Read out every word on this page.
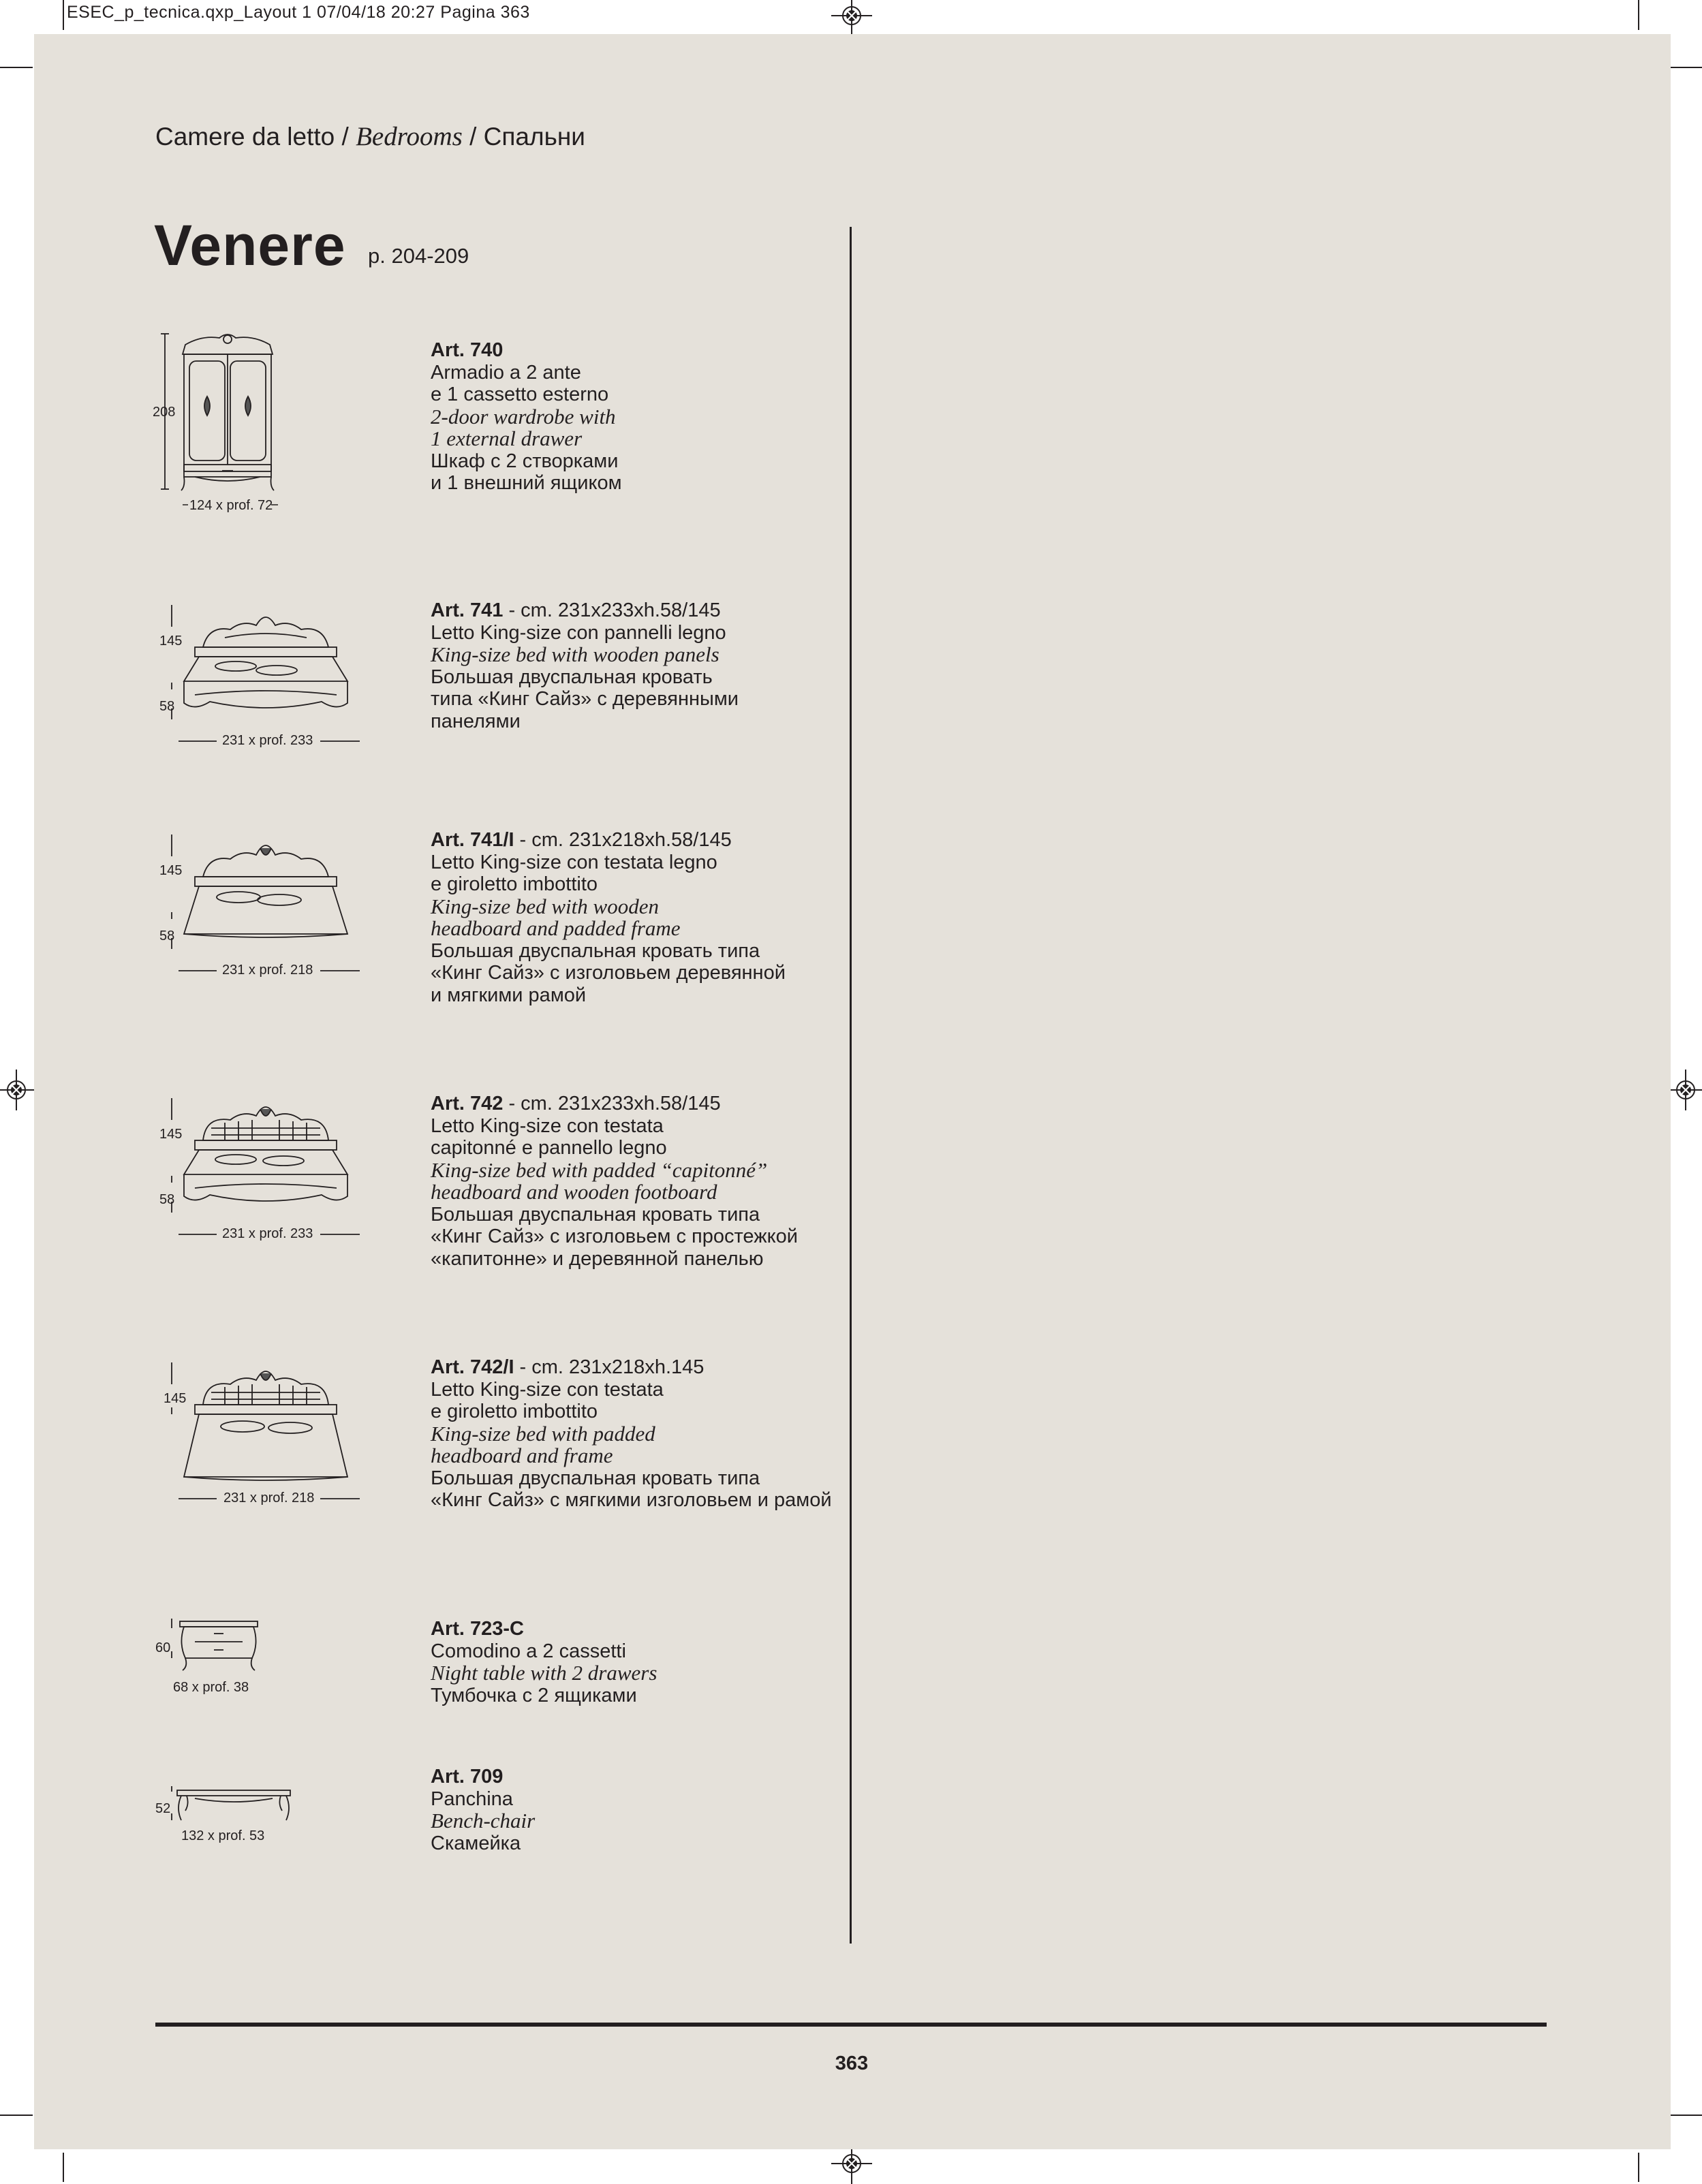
ESEC_p_tecnica.qxp_Layout 1 07/04/18 20:27 Pagina 363
Camere da letto / Bedrooms / Спальни
Venere p. 204-209
208
124 x prof. 72
Art. 740
Armadio a 2 ante
e 1 cassetto esterno
2-door wardrobe with
1 external drawer
Шкаф с 2 створками
и 1 внешний ящиком
145
58
231 x prof. 233
Art. 741 - cm. 231x233xh.58/145
Letto King-size con pannelli legno
King-size bed with wooden panels
Большая двуспальная кровать
типа «Кинг Сайз» с деревянными
панелями
145
58
231 x prof. 218
Art. 741/I - cm. 231x218xh.58/145
Letto King-size con testata legno
e giroletto imbottito
King-size bed with wooden
headboard and padded frame
Большая двуспальная кровать типа
«Кинг Сайз» с изголовьем деревянной
и мягкими рамой
145
58
231 x prof. 233
Art. 742 - cm. 231x233xh.58/145
Letto King-size con testata
capitonné e pannello legno
King-size bed with padded “capitonné”
headboard and wooden footboard
Большая двуспальная кровать типа
«Кинг Сайз» с изголовьем с простежкой
«капитонне» и деревянной панелью
145
231 x prof. 218
Art. 742/I - cm. 231x218xh.145
Letto King-size con testata
e giroletto imbottito
King-size bed with padded
headboard and frame
Большая двуспальная кровать типа
«Кинг Сайз» с мягкими изголовьем и рамой
60
68 x prof. 38
Art. 723-C
Comodino a 2 cassetti
Night table with 2 drawers
Тумбочка с 2 ящиками
52
132 x prof. 53
Art. 709
Panchina
Bench-chair
Скамейка
363
